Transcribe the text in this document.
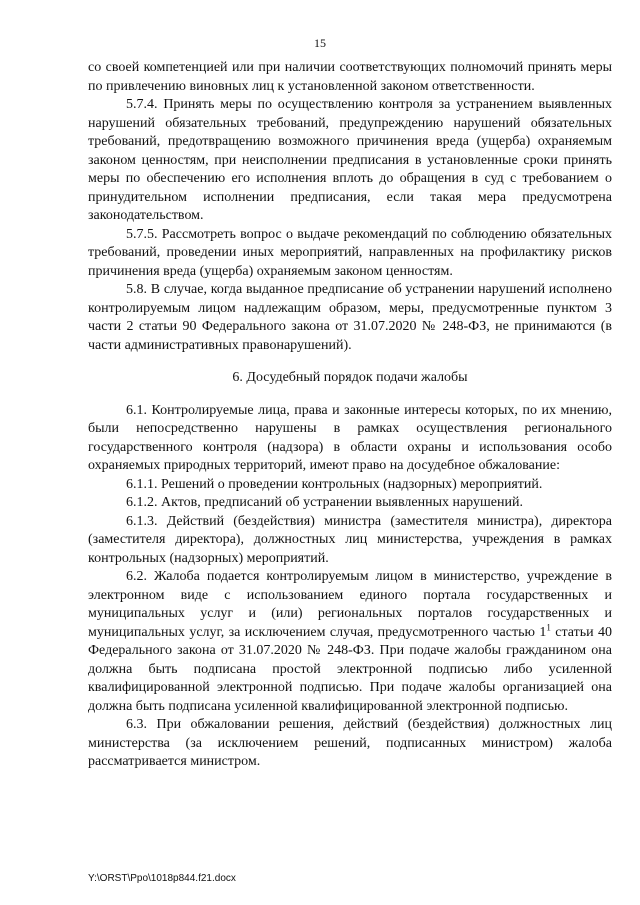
15

со своей компетенцией или при наличии соответствующих полномочий принять меры по привлечению виновных лиц к установленной законом ответственности.

5.7.4. Принять меры по осуществлению контроля за устранением выявленных нарушений обязательных требований, предупреждению нарушений обязательных требований, предотвращению возможного причинения вреда (ущерба) охраняемым законом ценностям, при неисполнении предписания в установленные сроки принять меры по обеспечению его исполнения вплоть до обращения в суд с требованием о принудительном исполнении предписания, если такая мера предусмотрена законодательством.

5.7.5. Рассмотреть вопрос о выдаче рекомендаций по соблюдению обязательных требований, проведении иных мероприятий, направленных на профилактику рисков причинения вреда (ущерба) охраняемым законом ценностям.

5.8. В случае, когда выданное предписание об устранении нарушений исполнено контролируемым лицом надлежащим образом, меры, предусмотренные пунктом 3 части 2 статьи 90 Федерального закона от 31.07.2020 № 248-ФЗ, не принимаются (в части административных правонарушений).

6. Досудебный порядок подачи жалобы

6.1. Контролируемые лица, права и законные интересы которых, по их мнению, были непосредственно нарушены в рамках осуществления регионального государственного контроля (надзора) в области охраны и использования особо охраняемых природных территорий, имеют право на досудебное обжалование:

6.1.1. Решений о проведении контрольных (надзорных) мероприятий.

6.1.2. Актов, предписаний об устранении выявленных нарушений.

6.1.3. Действий (бездействия) министра (заместителя министра), директора (заместителя директора), должностных лиц министерства, учреждения в рамках контрольных (надзорных) мероприятий.

6.2. Жалоба подается контролируемым лицом в министерство, учреждение в электронном виде с использованием единого портала государственных и муниципальных услуг и (или) региональных порталов государственных и муниципальных услуг, за исключением случая, предусмотренного частью $1^1$ статьи 40 Федерального закона от 31.07.2020 № 248-ФЗ. При подаче жалобы гражданином она должна быть подписана простой электронной подписью либо усиленной квалифицированной электронной подписью. При подаче жалобы организацией она должна быть подписана усиленной квалифицированной электронной подписью.

6.3. При обжаловании решения, действий (бездействия) должностных лиц министерства (за исключением решений, подписанных министром) жалоба рассматривается министром.

Y:\ORST\Ppo\1018p844.f21.docx
